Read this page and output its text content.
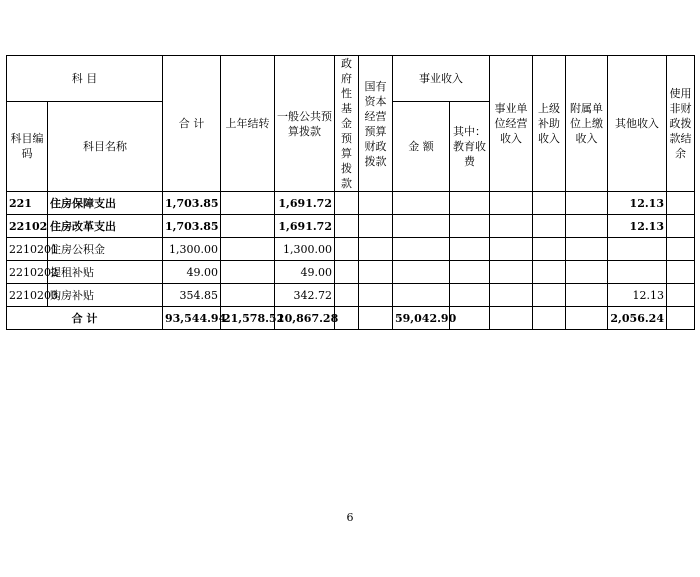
科 目		合 计	上年结转	一般公共预算拨款	政府性基金预算拨款	国有资本经营预算财政拨款	事业收入		事业单位经营收入	上级补助收入	附属单位上缴收入	其他收入	使用非财政拨款结余
科目编码	科目名称						金 额	其中：教育收费					
221	住房保障支出	1,703.85		1,691.72								12.13	
22102	住房改革支出	1,703.85		1,691.72								12.13	
2210201	住房公积金	1,300.00		1,300.00									
2210202	提租补贴	49.00		49.00									
2210203	购房补贴	354.85		342.72								12.13	
合 计		93,544.94	21,578.52	10,867.28			59,042.90					2,056.24	
6
